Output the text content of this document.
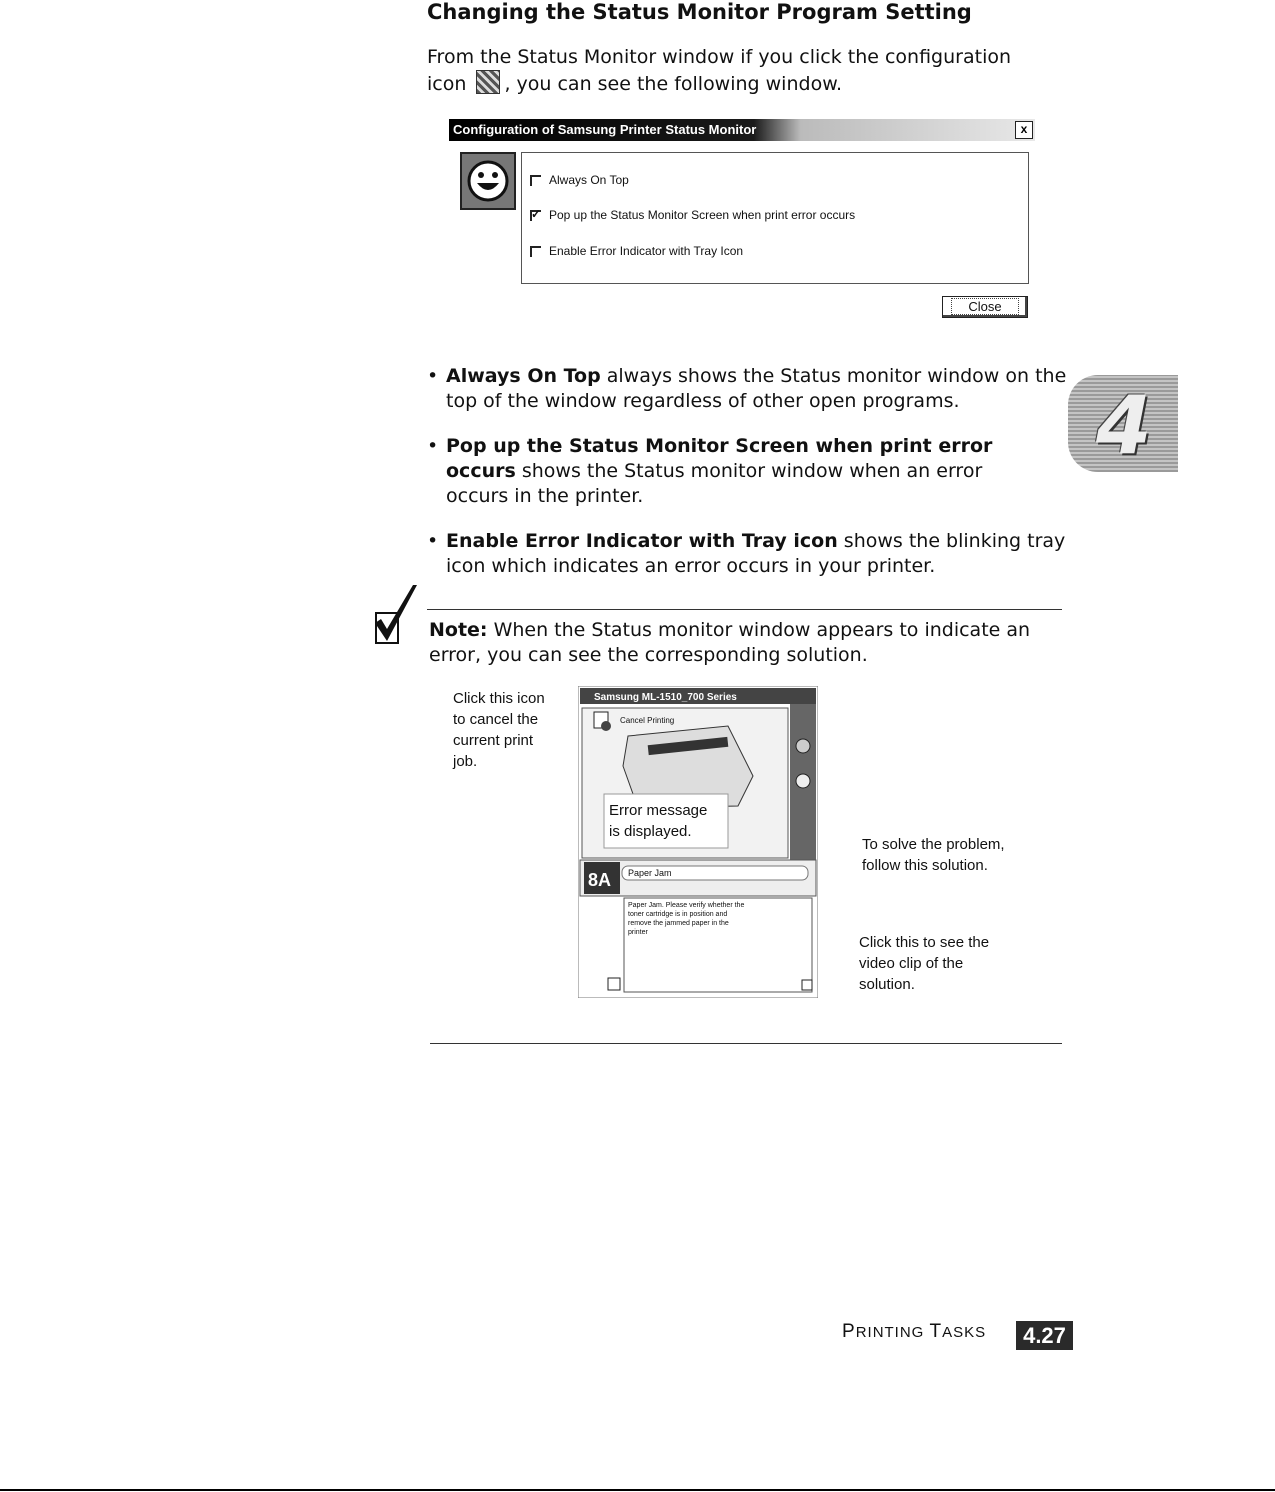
Changing the Status Monitor Program Setting

From the Status Monitor window if you click the configuration
icon , you can see the following window.

Configuration of Samsung Printer Status Monitor	x
Always On Top
✓
Pop up the Status Monitor Screen when print error occurs
Enable Error Indicator with Tray Icon
Close
• Always On Top always shows the Status monitor window on the top of the window regardless of other open programs.
• Pop up the Status Monitor Screen when print error occurs shows the Status monitor window when an error occurs in the printer.
• Enable Error Indicator with Tray icon shows the blinking tray icon which indicates an error occurs in your printer.
4
Note: When the Status monitor window appears to indicate an error, you can see the corresponding solution.
Samsung ML-1510_700 Series
Cancel Printing
Error message
is displayed.
8A Paper Jam
Paper Jam. Please verify whether the
toner cartridge is in position and
remove the jammed paper in the
printer
Click this icon
to cancel the
current print
job.
To solve the problem,
follow this solution.
Click this to see the
video clip of the
solution.
PRINTING TASKS	4.27
